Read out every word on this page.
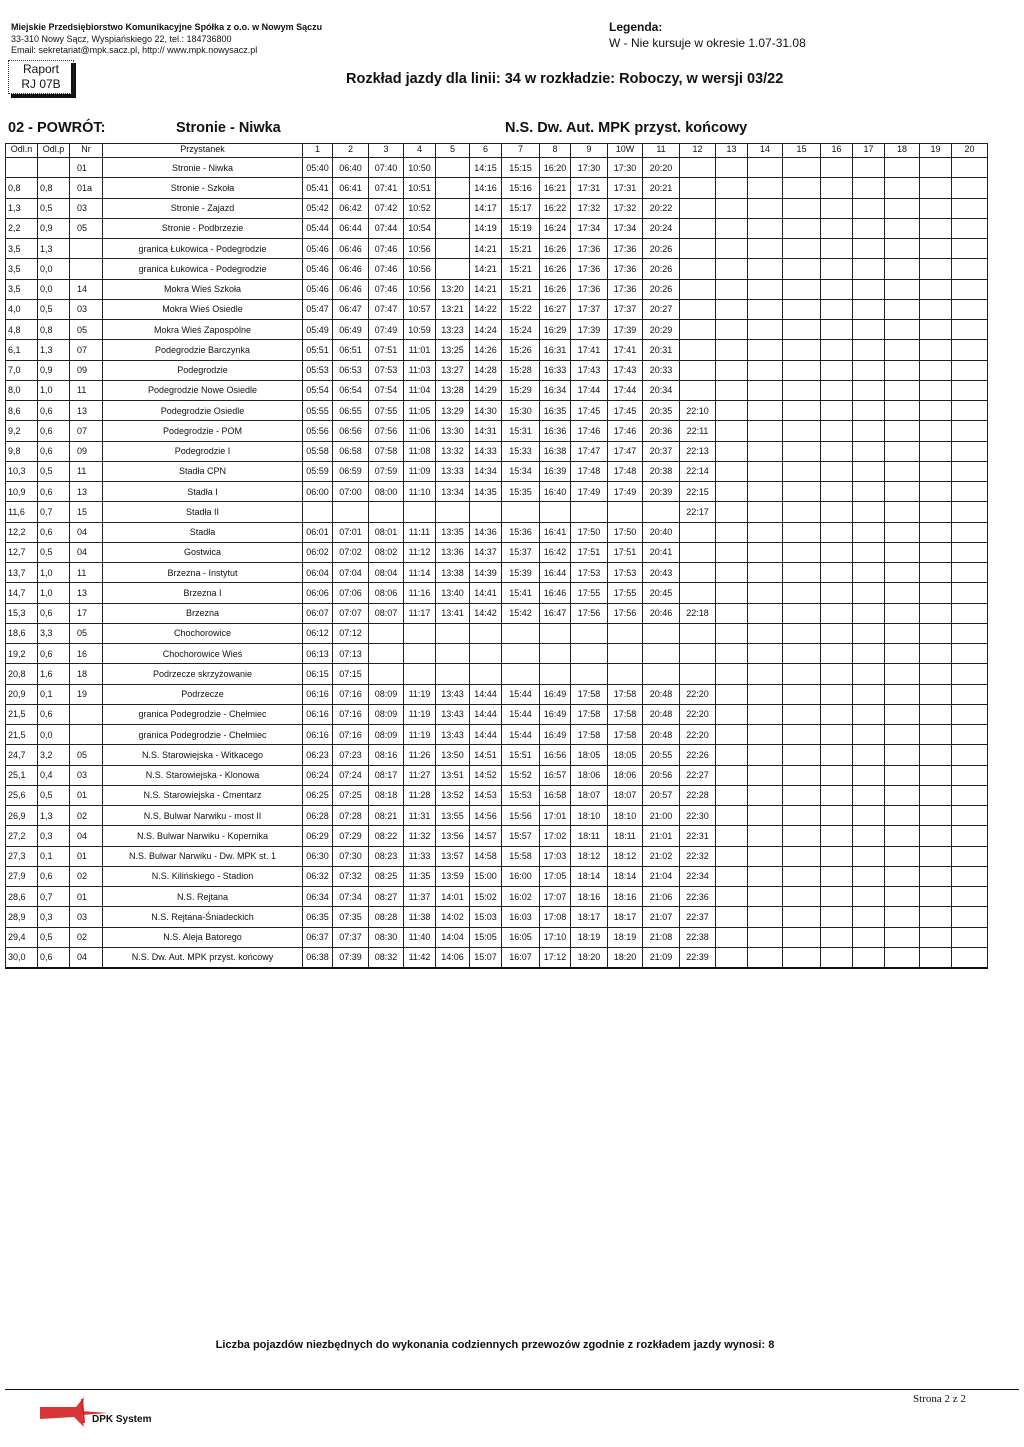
Miejskie Przedsiębiorstwo Komunikacyjne Spółka z o.o. w Nowym Sączu
33-310 Nowy Sącz, Wyspiańskiego 22, tel.: 184736800
Email: sekretariat@mpk.sacz.pl, http:// www.mpk.nowysacz.pl
Raport
RJ 07B
Legenda:
W - Nie kursuje w okresie 1.07-31.08
Rozkład jazdy dla linii: 34 w rozkładzie: Roboczy, w wersji 03/22
02 - POWRÓT:	Stronie - Niwka	N.S. Dw. Aut. MPK przyst. końcowy
Odl.n	Odl.p	Nr	Przystanek	1	2	3	4	5	6	7	8	9	10W	11	12	13	14	15	16	17	18	19	20
		01	Stronie - Niwka	05:40	06:40	07:40	10:50		14:15	15:15	16:20	17:30	17:30	20:20									
0,8	0,8	01a	Stronie - Szkoła	05:41	06:41	07:41	10:51		14:16	15:16	16:21	17:31	17:31	20:21									
1,3	0,5	03	Stronie - Zajazd	05:42	06:42	07:42	10:52		14:17	15:17	16:22	17:32	17:32	20:22									
2,2	0,9	05	Stronie - Podbrzezie	05:44	06:44	07:44	10:54		14:19	15:19	16:24	17:34	17:34	20:24									
3,5	1,3		granica Łukowica - Podegrodzie	05:46	06:46	07:46	10:56		14:21	15:21	16:26	17:36	17:36	20:26									
3,5	0,0		granica Łukowica - Podegrodzie	05:46	06:46	07:46	10:56		14:21	15:21	16:26	17:36	17:36	20:26									
3,5	0,0	14	Mokra Wieś Szkoła	05:46	06:46	07:46	10:56	13:20	14:21	15:21	16:26	17:36	17:36	20:26									
4,0	0,5	03	Mokra Wieś Osiedle	05:47	06:47	07:47	10:57	13:21	14:22	15:22	16:27	17:37	17:37	20:27									
4,8	0,8	05	Mokra Wieś Zapospólne	05:49	06:49	07:49	10:59	13:23	14:24	15:24	16:29	17:39	17:39	20:29									
6,1	1,3	07	Podegrodzie Barczynka	05:51	06:51	07:51	11:01	13:25	14:26	15:26	16:31	17:41	17:41	20:31									
7,0	0,9	09	Podegrodzie	05:53	06:53	07:53	11:03	13:27	14:28	15:28	16:33	17:43	17:43	20:33									
8,0	1,0	11	Podegrodzie Nowe Osiedle	05:54	06:54	07:54	11:04	13:28	14:29	15:29	16:34	17:44	17:44	20:34									
8,6	0,6	13	Podegrodzie Osiedle	05:55	06:55	07:55	11:05	13:29	14:30	15:30	16:35	17:45	17:45	20:35	22:10								
9,2	0,6	07	Podegrodzie - POM	05:56	06:56	07:56	11:06	13:30	14:31	15:31	16:36	17:46	17:46	20:36	22:11								
9,8	0,6	09	Podegrodzie I	05:58	06:58	07:58	11:08	13:32	14:33	15:33	16:38	17:47	17:47	20:37	22:13								
10,3	0,5	11	Stadła CPN	05:59	06:59	07:59	11:09	13:33	14:34	15:34	16:39	17:48	17:48	20:38	22:14								
10,9	0,6	13	Stadła I	06:00	07:00	08:00	11:10	13:34	14:35	15:35	16:40	17:49	17:49	20:39	22:15								
11,6	0,7	15	Stadła II												22:17								
12,2	0,6	04	Stadła	06:01	07:01	08:01	11:11	13:35	14:36	15:36	16:41	17:50	17:50	20:40									
12,7	0,5	04	Gostwica	06:02	07:02	08:02	11:12	13:36	14:37	15:37	16:42	17:51	17:51	20:41									
13,7	1,0	11	Brzezna - Instytut	06:04	07:04	08:04	11:14	13:38	14:39	15:39	16:44	17:53	17:53	20:43									
14,7	1,0	13	Brzezna I	06:06	07:06	08:06	11:16	13:40	14:41	15:41	16:46	17:55	17:55	20:45									
15,3	0,6	17	Brzezna	06:07	07:07	08:07	11:17	13:41	14:42	15:42	16:47	17:56	17:56	20:46	22:18								
18,6	3,3	05	Chochorowice	06:12	07:12																		
19,2	0,6	16	Chochorowice Wieś	06:13	07:13																		
20,8	1,6	18	Podrzecze skrzyżowanie	06:15	07:15																		
20,9	0,1	19	Podrzecze	06:16	07:16	08:09	11:19	13:43	14:44	15:44	16:49	17:58	17:58	20:48	22:20								
21,5	0,6		granica Podegrodzie - Chełmiec	06:16	07:16	08:09	11:19	13:43	14:44	15:44	16:49	17:58	17:58	20:48	22:20								
21,5	0,0		granica Podegrodzie - Chełmiec	06:16	07:16	08:09	11:19	13:43	14:44	15:44	16:49	17:58	17:58	20:48	22:20								
24,7	3,2	05	N.S. Starowiejska - Witkacego	06:23	07:23	08:16	11:26	13:50	14:51	15:51	16:56	18:05	18:05	20:55	22:26								
25,1	0,4	03	N.S. Starowiejska - Klonowa	06:24	07:24	08:17	11:27	13:51	14:52	15:52	16:57	18:06	18:06	20:56	22:27								
25,6	0,5	01	N.S. Starowiejska - Cmentarz	06:25	07:25	08:18	11:28	13:52	14:53	15:53	16:58	18:07	18:07	20:57	22:28								
26,9	1,3	02	N.S. Bulwar Narwiku - most II	06:28	07:28	08:21	11:31	13:55	14:56	15:56	17:01	18:10	18:10	21:00	22:30								
27,2	0,3	04	N.S. Bulwar Narwiku - Kopernika	06:29	07:29	08:22	11:32	13:56	14:57	15:57	17:02	18:11	18:11	21:01	22:31								
27,3	0,1	01	N.S. Bulwar Narwiku - Dw. MPK st. 1	06:30	07:30	08:23	11:33	13:57	14:58	15:58	17:03	18:12	18:12	21:02	22:32								
27,9	0,6	02	N.S. Kilińskiego - Stadion	06:32	07:32	08:25	11:35	13:59	15:00	16:00	17:05	18:14	18:14	21:04	22:34								
28,6	0,7	01	N.S. Rejtana	06:34	07:34	08:27	11:37	14:01	15:02	16:02	17:07	18:16	18:16	21:06	22:36								
28,9	0,3	03	N.S. Rejtana-Śniadeckich	06:35	07:35	08:28	11:38	14:02	15:03	16:03	17:08	18:17	18:17	21:07	22:37								
29,4	0,5	02	N.S. Aleja Batorego	06:37	07:37	08:30	11:40	14:04	15:05	16:05	17:10	18:19	18:19	21:08	22:38								
30,0	0,6	04	N.S. Dw. Aut. MPK przyst. końcowy	06:38	07:39	08:32	11:42	14:06	15:07	16:07	17:12	18:20	18:20	21:09	22:39								
Liczba pojazdów niezbędnych do wykonania codziennych przewozów zgodnie z rozkładem jazdy wynosi: 8
DPK System
Strona 2 z 2
